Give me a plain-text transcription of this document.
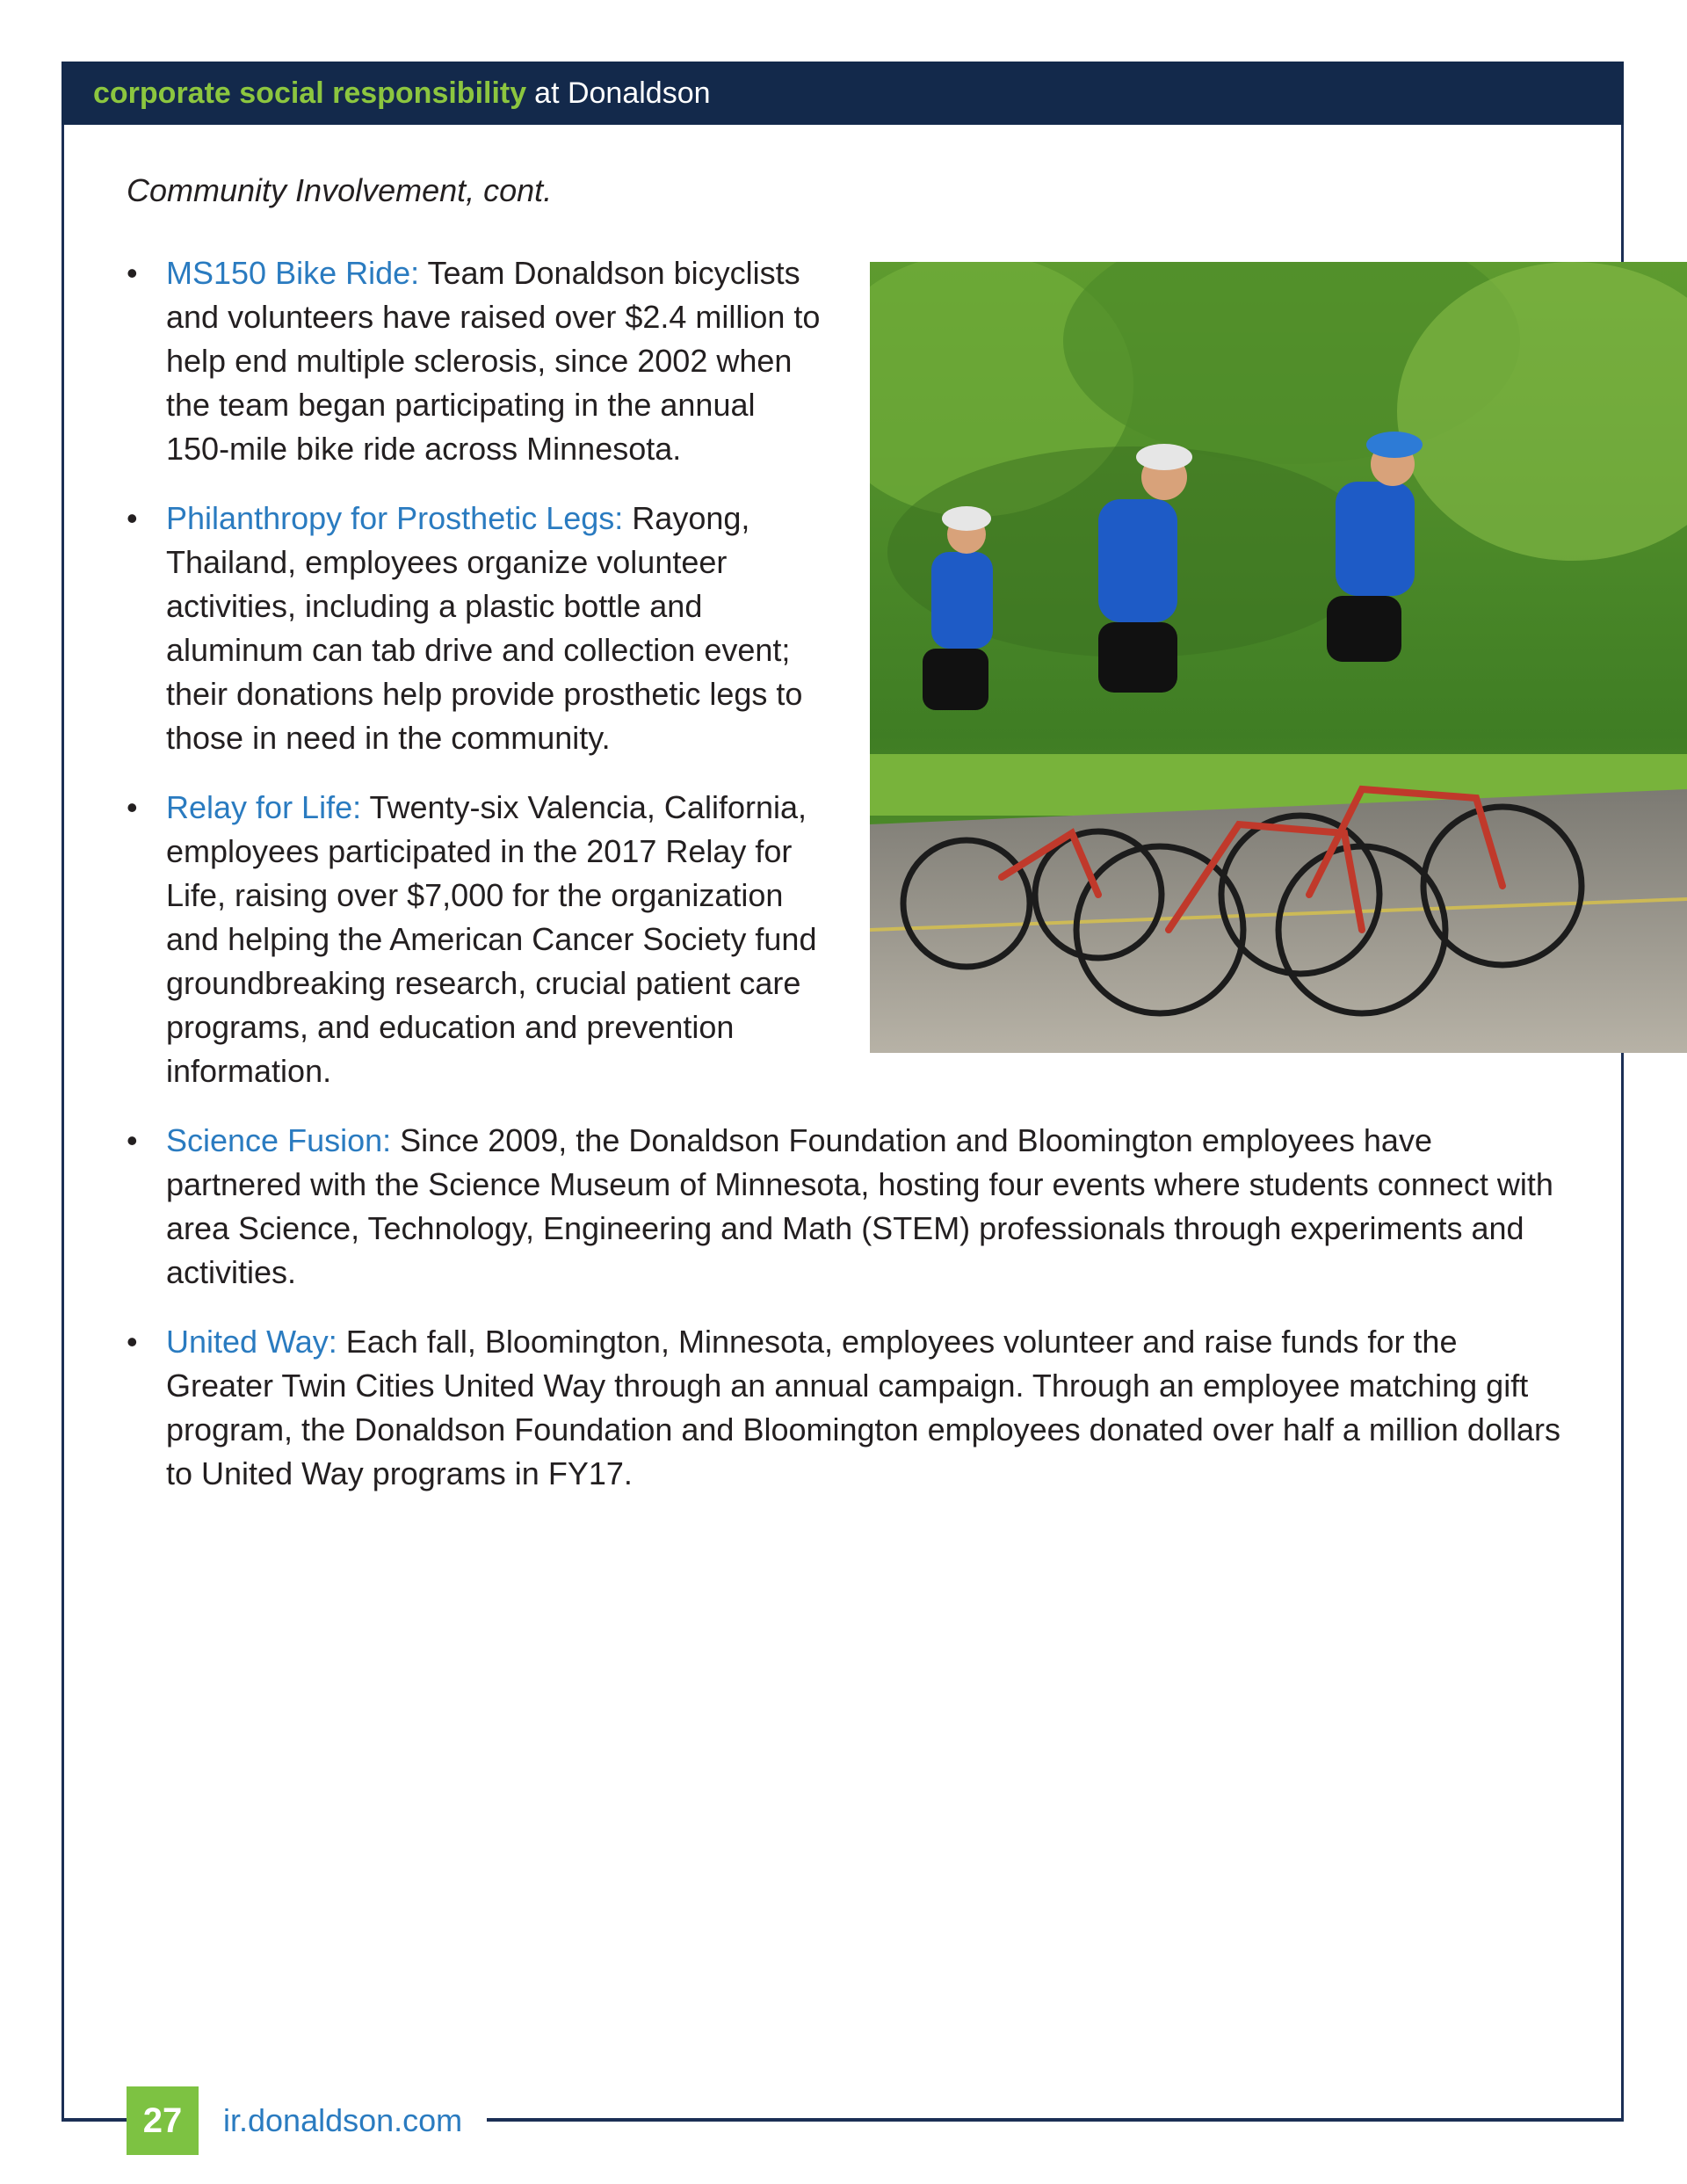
corporate social responsibility at Donaldson
Community Involvement, cont.
• MS150 Bike Ride: Team Donaldson bicyclists and volunteers have raised over $2.4 million to help end multiple sclerosis, since 2002 when the team began participating in the annual 150-mile bike ride across Minnesota.
• Philanthropy for Prosthetic Legs: Rayong, Thailand, employees organize volunteer activities, including a plastic bottle and aluminum can tab drive and collection event; their donations help provide prosthetic legs to those in need in the community.
• Relay for Life: Twenty-six Valencia, California, employees participated in the 2017 Relay for Life, raising over $7,000 for the organization and helping the American Cancer Society fund groundbreaking research, crucial patient care programs, and education and prevention information.
• Science Fusion: Since 2009, the Donaldson Foundation and Bloomington employees have partnered with the Science Museum of Minnesota, hosting four events where students connect with area Science, Technology, Engineering and Math (STEM) professionals through experiments and activities.
• United Way: Each fall, Bloomington, Minnesota, employees volunteer and raise funds for the Greater Twin Cities United Way through an annual campaign. Through an employee matching gift program, the Donaldson Foundation and Bloomington employees donated over half a million dollars to United Way programs in FY17.
27	ir.donaldson.com
